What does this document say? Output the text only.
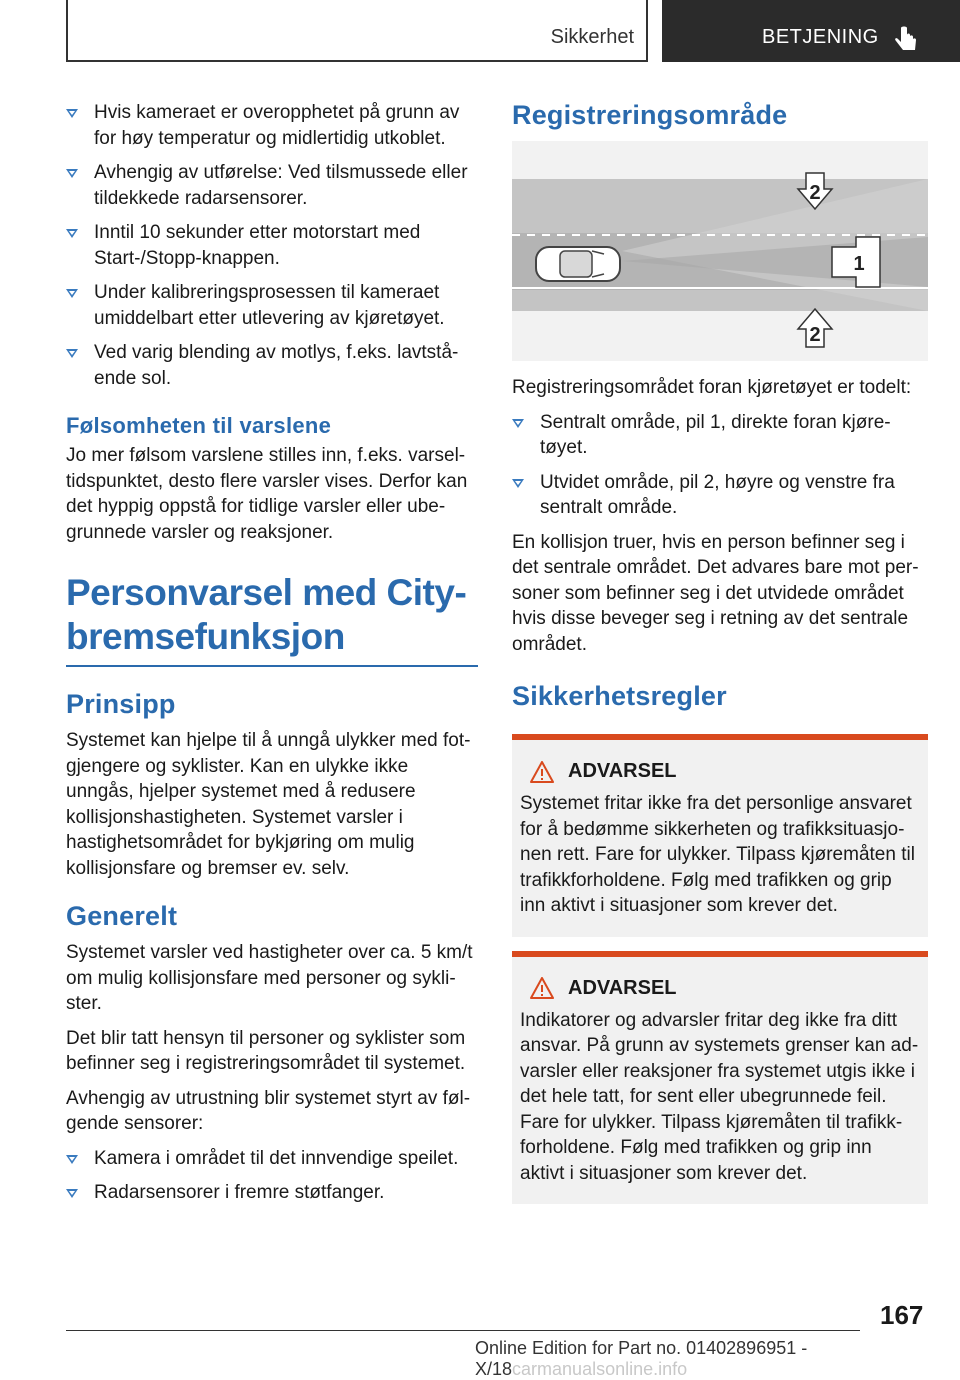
Sikkerhet	BETJENING
Hvis kameraet er overopphetet på grunn av for høy temperatur og midlertidig utkoblet.
Avhengig av utførelse: Ved tilsmussede eller tildekkede radarsensorer.
Inntil 10 sekunder etter motorstart med Start-/Stopp-knappen.
Under kalibreringsprosessen til kameraet umiddelbart etter utlevering av kjøretøyet.
Ved varig blending av motlys, f.eks. lavtstående sol.
Følsomheten til varslene

Jo mer følsom varslene stilles inn, f.eks. varseltidspunktet, desto flere varsler vises. Derfor kan det hyppig oppstå for tidlige varsler eller ubegrunnede varsler og reaksjoner.

Personvarsel med City-bremsefunksjon
Prinsipp

Systemet kan hjelpe til å unngå ulykker med fotgjengere og syklister. Kan en ulykke ikke unngås, hjelper systemet med å redusere kollisjonshastigheten. Systemet varsler i hastighetsområdet for bykjøring om mulig kollisjonsfare og bremser ev. selv.

Generelt

Systemet varsler ved hastigheter over ca. 5 km/t om mulig kollisjonsfare med personer og syklister.

Det blir tatt hensyn til personer og syklister som befinner seg i registreringsområdet til systemet.

Avhengig av utrustning blir systemet styrt av følgende sensorer:

Kamera i området til det innvendige speilet.
Radarsensorer i fremre støtfanger.
Registreringsområde
2
1
2

Registreringsområdet foran kjøretøyet er todelt:

Sentralt område, pil 1, direkte foran kjøretøyet.
Utvidet område, pil 2, høyre og venstre fra sentralt område.

En kollisjon truer, hvis en person befinner seg i det sentrale området. Det advares bare mot personer som befinner seg i det utvidede området hvis disse beveger seg i retning av det sentrale området.

Sikkerhetsregler
ADVARSEL

Systemet fritar ikke fra det personlige ansvaret for å bedømme sikkerheten og trafikksituasjonen rett. Fare for ulykker. Tilpass kjøremåten til trafikkforholdene. Følg med trafikken og grip inn aktivt i situasjoner som krever det.

ADVARSEL

Indikatorer og advarsler fritar deg ikke fra ditt ansvar. På grunn av systemets grenser kan advarsler eller reaksjoner fra systemet utgis ikke i det hele tatt, for sent eller ubegrunnede feil. Fare for ulykker. Tilpass kjøremåten til trafikkforholdene. Følg med trafikken og grip inn aktivt i situasjoner som krever det.

167
Online Edition for Part no. 01402896951 - X/18carmanualsonline.info
